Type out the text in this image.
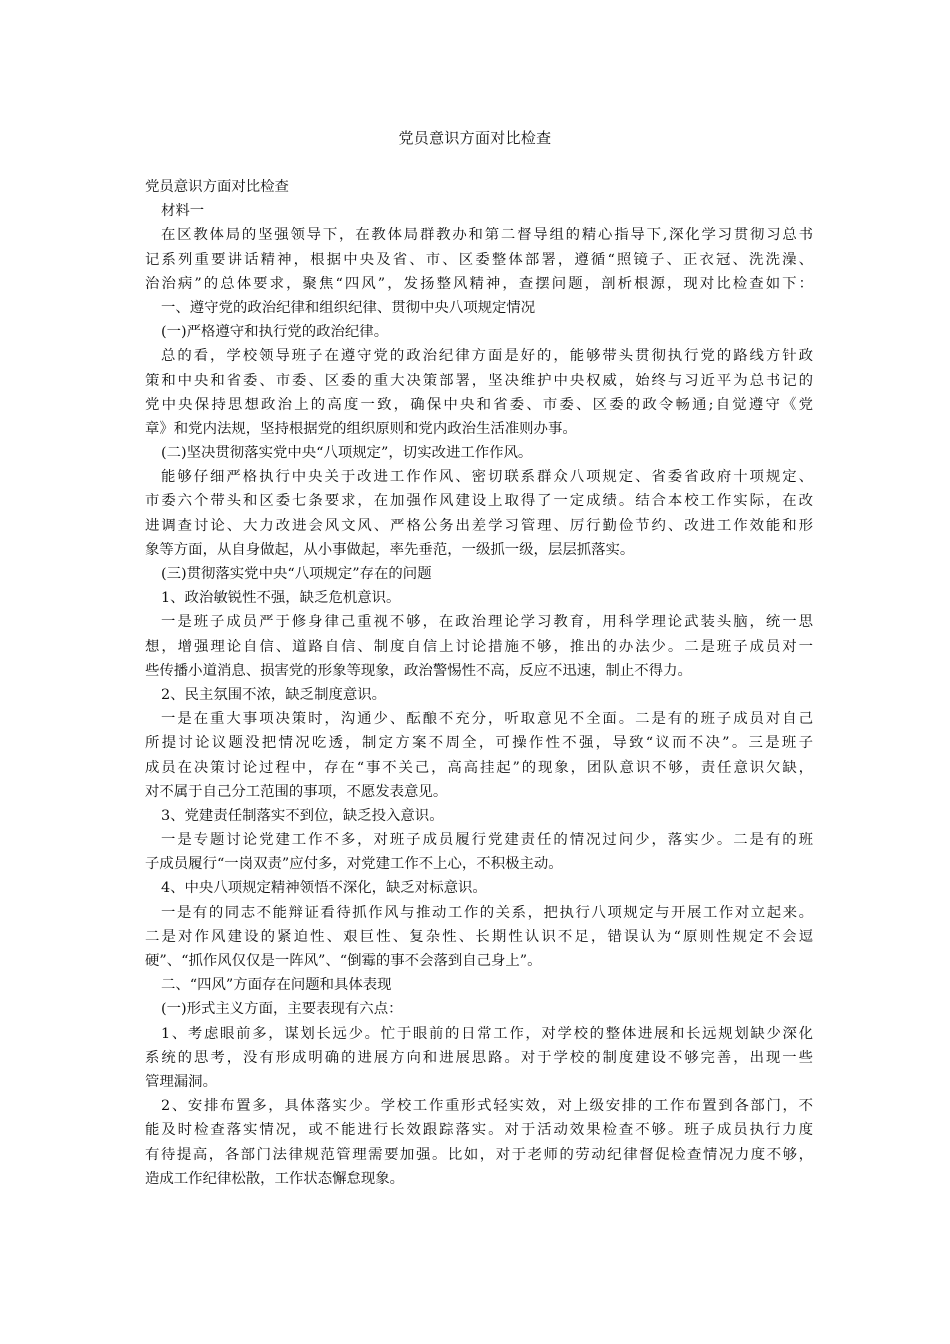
党员意识方面对比检查
党员意识方面对比检查
材料一
在区教体局的坚强领导下，在教体局群教办和第二督导组的精心指导下,深化学习贯彻习总书
记系列重要讲话精神，根据中央及省、市、区委整体部署，遵循“照镜子、正衣冠、洗洗澡、
治治病”的总体要求，聚焦“四风”，发扬整风精神，查摆问题，剖析根源，现对比检查如下：
一、遵守党的政治纪律和组织纪律、贯彻中央八项规定情况
(一)严格遵守和执行党的政治纪律。
总的看，学校领导班子在遵守党的政治纪律方面是好的，能够带头贯彻执行党的路线方针政
策和中央和省委、市委、区委的重大决策部署，坚决维护中央权威，始终与习近平为总书记的
党中央保持思想政治上的高度一致，确保中央和省委、市委、区委的政令畅通;自觉遵守《党
章》和党内法规，坚持根据党的组织原则和党内政治生活准则办事。
(二)坚决贯彻落实党中央“八项规定”，切实改进工作作风。
能够仔细严格执行中央关于改进工作作风、密切联系群众八项规定、省委省政府十项规定、
市委六个带头和区委七条要求，在加强作风建设上取得了一定成绩。结合本校工作实际，在改
进调查讨论、大力改进会风文风、严格公务出差学习管理、厉行勤俭节约、改进工作效能和形
象等方面，从自身做起，从小事做起，率先垂范，一级抓一级，层层抓落实。
(三)贯彻落实党中央“八项规定”存在的问题
1、政治敏锐性不强，缺乏危机意识。
一是班子成员严于修身律己重视不够，在政治理论学习教育，用科学理论武装头脑，统一思
想，增强理论自信、道路自信、制度自信上讨论措施不够，推出的办法少。二是班子成员对一
些传播小道消息、损害党的形象等现象，政治警惕性不高，反应不迅速，制止不得力。
2、民主氛围不浓，缺乏制度意识。
一是在重大事项决策时，沟通少、酝酿不充分，听取意见不全面。二是有的班子成员对自己
所提讨论议题没把情况吃透，制定方案不周全，可操作性不强，导致“议而不决”。三是班子
成员在决策讨论过程中，存在“事不关己，高高挂起”的现象，团队意识不够，责任意识欠缺，
对不属于自己分工范围的事项，不愿发表意见。
3、党建责任制落实不到位，缺乏投入意识。
一是专题讨论党建工作不多，对班子成员履行党建责任的情况过问少，落实少。二是有的班
子成员履行“一岗双责”应付多，对党建工作不上心，不积极主动。
4、中央八项规定精神领悟不深化，缺乏对标意识。
一是有的同志不能辩证看待抓作风与推动工作的关系，把执行八项规定与开展工作对立起来。
二是对作风建设的紧迫性、艰巨性、复杂性、长期性认识不足，错误认为“原则性规定不会逗
硬”、“抓作风仅仅是一阵风”、“倒霉的事不会落到自己身上”。
二、“四风”方面存在问题和具体表现
(一)形式主义方面，主要表现有六点：
1、考虑眼前多，谋划长远少。忙于眼前的日常工作，对学校的整体进展和长远规划缺少深化
系统的思考，没有形成明确的进展方向和进展思路。对于学校的制度建设不够完善，出现一些
管理漏洞。
2、安排布置多，具体落实少。学校工作重形式轻实效，对上级安排的工作布置到各部门，不
能及时检查落实情况，或不能进行长效跟踪落实。对于活动效果检查不够。班子成员执行力度
有待提高，各部门法律规范管理需要加强。比如，对于老师的劳动纪律督促检查情况力度不够，
造成工作纪律松散，工作状态懈怠现象。
